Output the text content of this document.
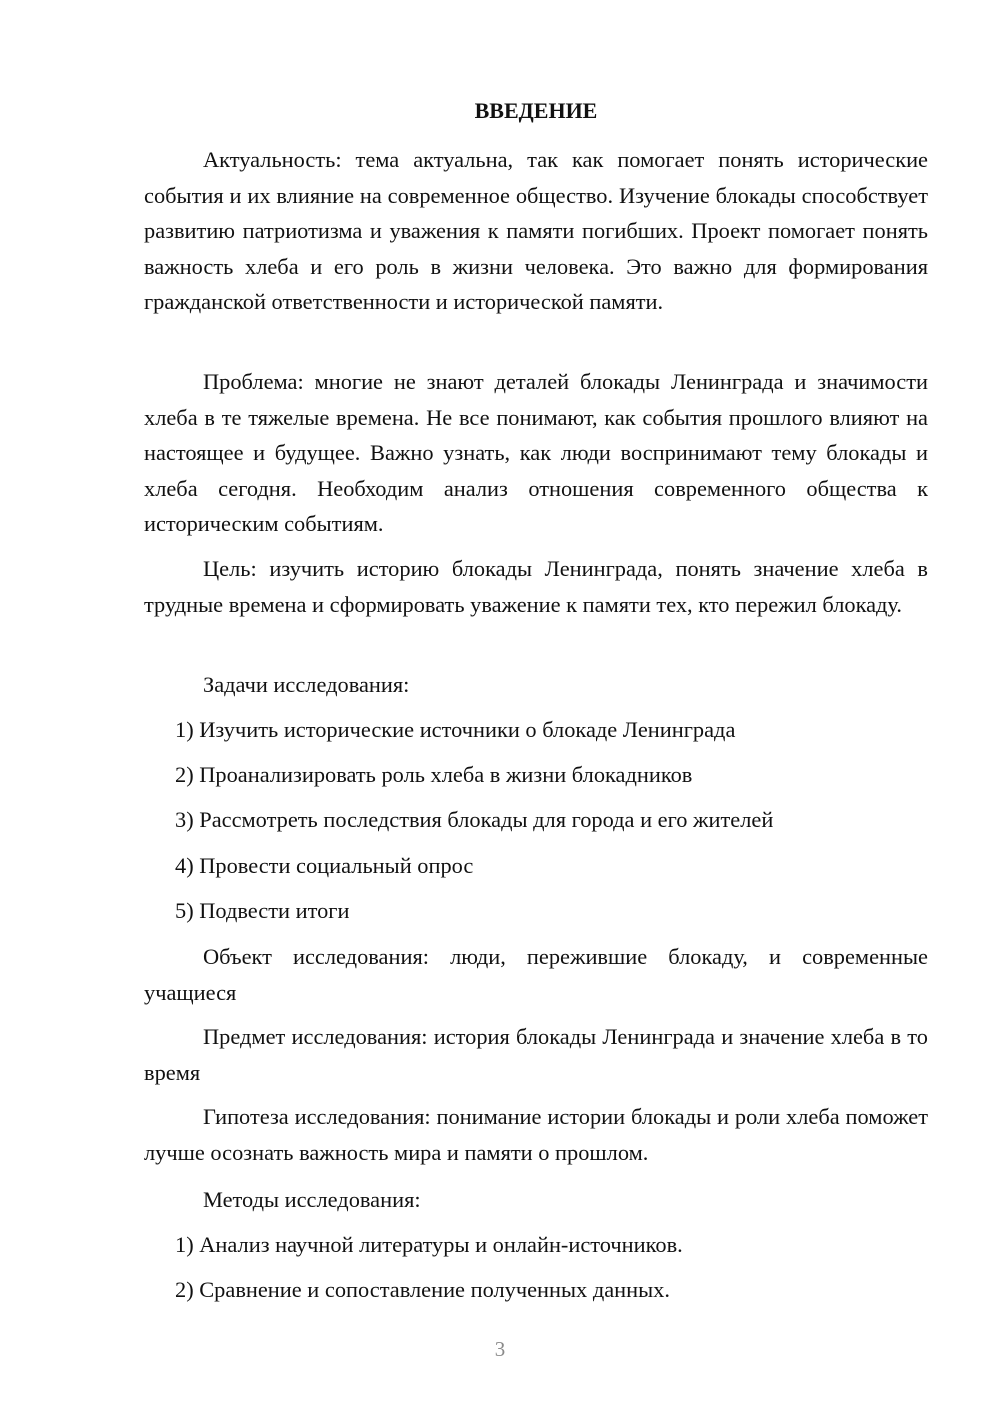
ВВЕДЕНИЕ

Актуальность: тема актуальна, так как помогает понять исторические события и их влияние на современное общество. Изучение блокады способствует развитию патриотизма и уважения к памяти погибших. Проект помогает понять важность хлеба и его роль в жизни человека. Это важно для формирования гражданской ответственности и исторической памяти.

Проблема: многие не знают деталей блокады Ленинграда и значимости хлеба в те тяжелые времена. Не все понимают, как события прошлого влияют на настоящее и будущее. Важно узнать, как люди воспринимают тему блокады и хлеба сегодня. Необходим анализ отношения современного общества к историческим событиям.

Цель: изучить историю блокады Ленинграда, понять значение хлеба в трудные времена и сформировать уважение к памяти тех, кто пережил блокаду.

Задачи исследования:

1) Изучить исторические источники о блокаде Ленинграда

2) Проанализировать роль хлеба в жизни блокадников

3) Рассмотреть последствия блокады для города и его жителей

4) Провести социальный опрос

5) Подвести итоги

Объект исследования: люди, пережившие блокаду, и современные учащиеся

Предмет исследования: история блокады Ленинграда и значение хлеба в то время

Гипотеза исследования: понимание истории блокады и роли хлеба поможет лучше осознать важность мира и памяти о прошлом.

Методы исследования:

1) Анализ научной литературы и онлайн-источников.

2) Сравнение и сопоставление полученных данных.

3
